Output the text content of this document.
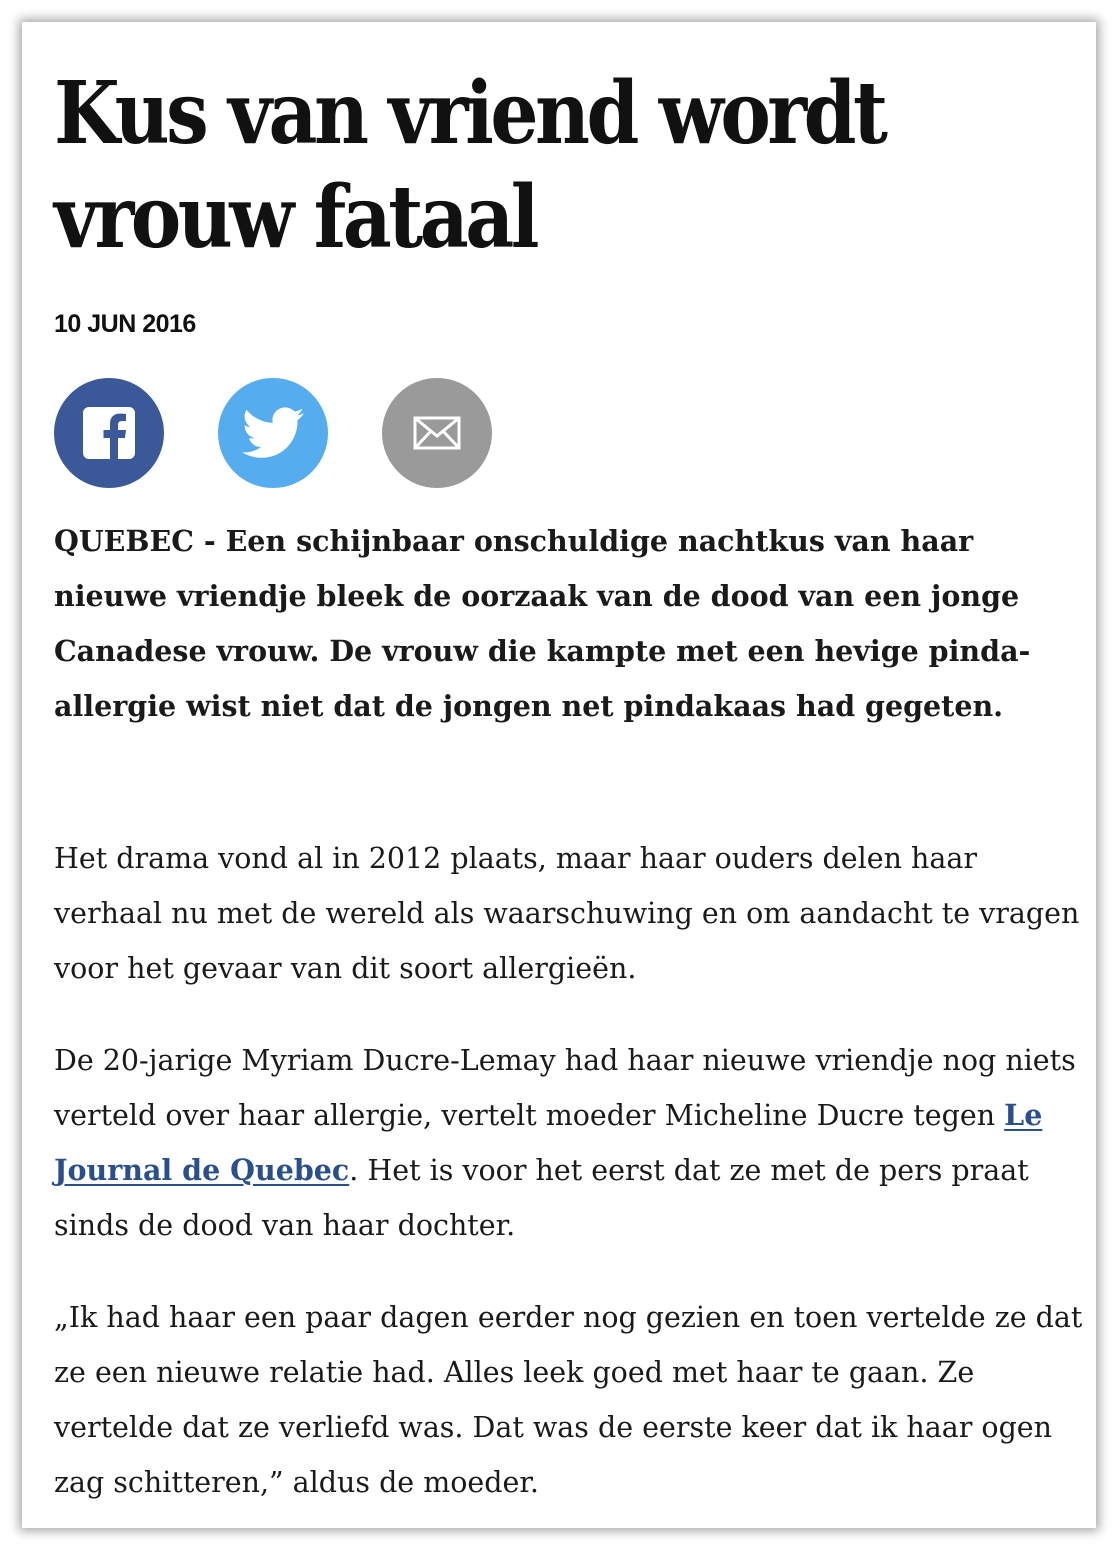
Kus van vriend wordt vrouw fataal
10 JUN 2016

QUEBEC - Een schijnbaar onschuldige nachtkus van haar nieuwe vriendje bleek de oorzaak van de dood van een jonge Canadese vrouw. De vrouw die kampte met een hevige pinda-allergie wist niet dat de jongen net pindakaas had gegeten.

Het drama vond al in 2012 plaats, maar haar ouders delen haar verhaal nu met de wereld als waarschuwing en om aandacht te vragen voor het gevaar van dit soort allergieën.

De 20-jarige Myriam Ducre-Lemay had haar nieuwe vriendje nog niets verteld over haar allergie, vertelt moeder Micheline Ducre tegen Le Journal de Quebec. Het is voor het eerst dat ze met de pers praat sinds de dood van haar dochter.

„Ik had haar een paar dagen eerder nog gezien en toen vertelde ze dat ze een nieuwe relatie had. Alles leek goed met haar te gaan. Ze vertelde dat ze verliefd was. Dat was de eerste keer dat ik haar ogen zag schitteren,” aldus de moeder.
